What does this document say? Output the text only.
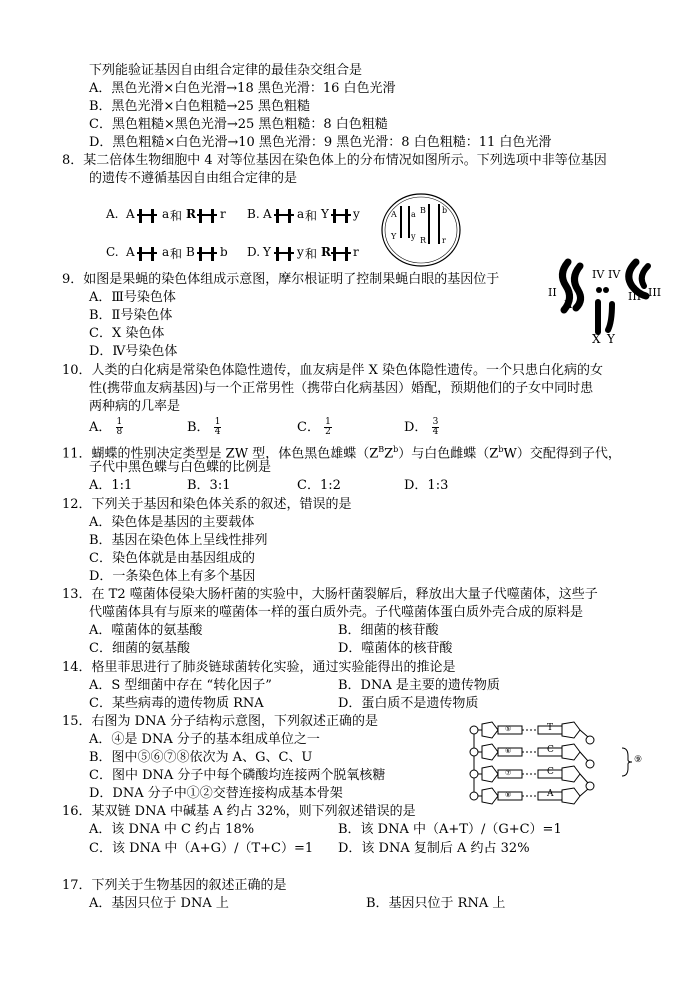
下列能验证基因自由组合定律的最佳杂交组合是
A．黑色光滑×白色光滑→18 黑色光滑：16 白色光滑
B．黑色光滑×白色粗糙→25 黑色粗糙
C．黑色粗糙×黑色光滑→25 黑色粗糙：8 白色粗糙
D．黑色粗糙×白色光滑→10 黑色光滑：9 黑色光滑：8 白色粗糙：11 白色光滑
8．某二倍体生物细胞中 4 对等位基因在染色体上的分布情况如图所示。下列选项中非等位基因
的遗传不遵循基因自由组合定律的是
A. A a 和 R r B. A a 和 Y y
C. A a 和 B b D. Y y 和 R r
A a
Y y
B b
R r
9．如图是果蝇的染色体组成示意图，摩尔根证明了控制果蝇白眼的基因位于
A．Ⅲ号染色体
B．Ⅱ号染色体
C．X 染色体
D．Ⅳ号染色体
II
II
IV IV
III III
X Y
10．人类的白化病是常染色体隐性遗传，血友病是伴 X 染色体隐性遗传。一个只患白化病的女
性(携带血友病基因)与一个正常男性（携带白化病基因）婚配，预期他们的子女中同时患
两种病的几率是
A． $\frac{1}{8}$	B． $\frac{1}{4}$	C． $\frac{1}{2}$	D． $\frac{3}{4}$
11．蝴蝶的性别决定类型是 ZW 型，体色黑色雄蝶$(Z^BZ^b)$与白色雌蝶$(Z^bW)$交配得到子代，
子代中黑色蝶与白色蝶的比例是
A．1:1	B．3:1	C．1:2	D．1:3
12．下列关于基因和染色体关系的叙述，错误的是
A．染色体是基因的主要载体
B．基因在染色体上呈线性排列
C．染色体就是由基因组成的
D．一条染色体上有多个基因
13．在 T2 噬菌体侵染大肠杆菌的实验中，大肠杆菌裂解后，释放出大量子代噬菌体，这些子
代噬菌体具有与原来的噬菌体一样的蛋白质外壳。子代噬菌体蛋白质外壳合成的原料是
A．噬菌体的氨基酸	B．细菌的核苷酸
C．细菌的氨基酸	D．噬菌体的核苷酸
14．格里菲思进行了肺炎链球菌转化实验，通过实验能得出的推论是
A．S 型细菌中存在 “转化因子”	B．DNA 是主要的遗传物质
C．某些病毒的遗传物质 RNA	D．蛋白质不是遗传物质
15．右图为 DNA 分子结构示意图，下列叙述正确的是
A．④是 DNA 分子的基本组成单位之一
B．图中⑤⑥⑦⑧依次为 A、G、C、U
C．图中 DNA 分子中每个磷酸均连接两个脱氧核糖
D．DNA 分子中①②交替连接构成基本骨架
⑤	T
⑥	C
⑦	C
⑧	A
⑨
16．某双链 DNA 中碱基 A 约占 32%，则下列叙述错误的是
A．该 DNA 中 C 约占 18%	B．该 DNA 中（A+T）/（G+C）=1
C．该 DNA 中（A+G）/（T+C）=1 D．该 DNA 复制后 A 约占 32%
17．下列关于生物基因的叙述正确的是
A．基因只位于 DNA 上	B．基因只位于 RNA 上
